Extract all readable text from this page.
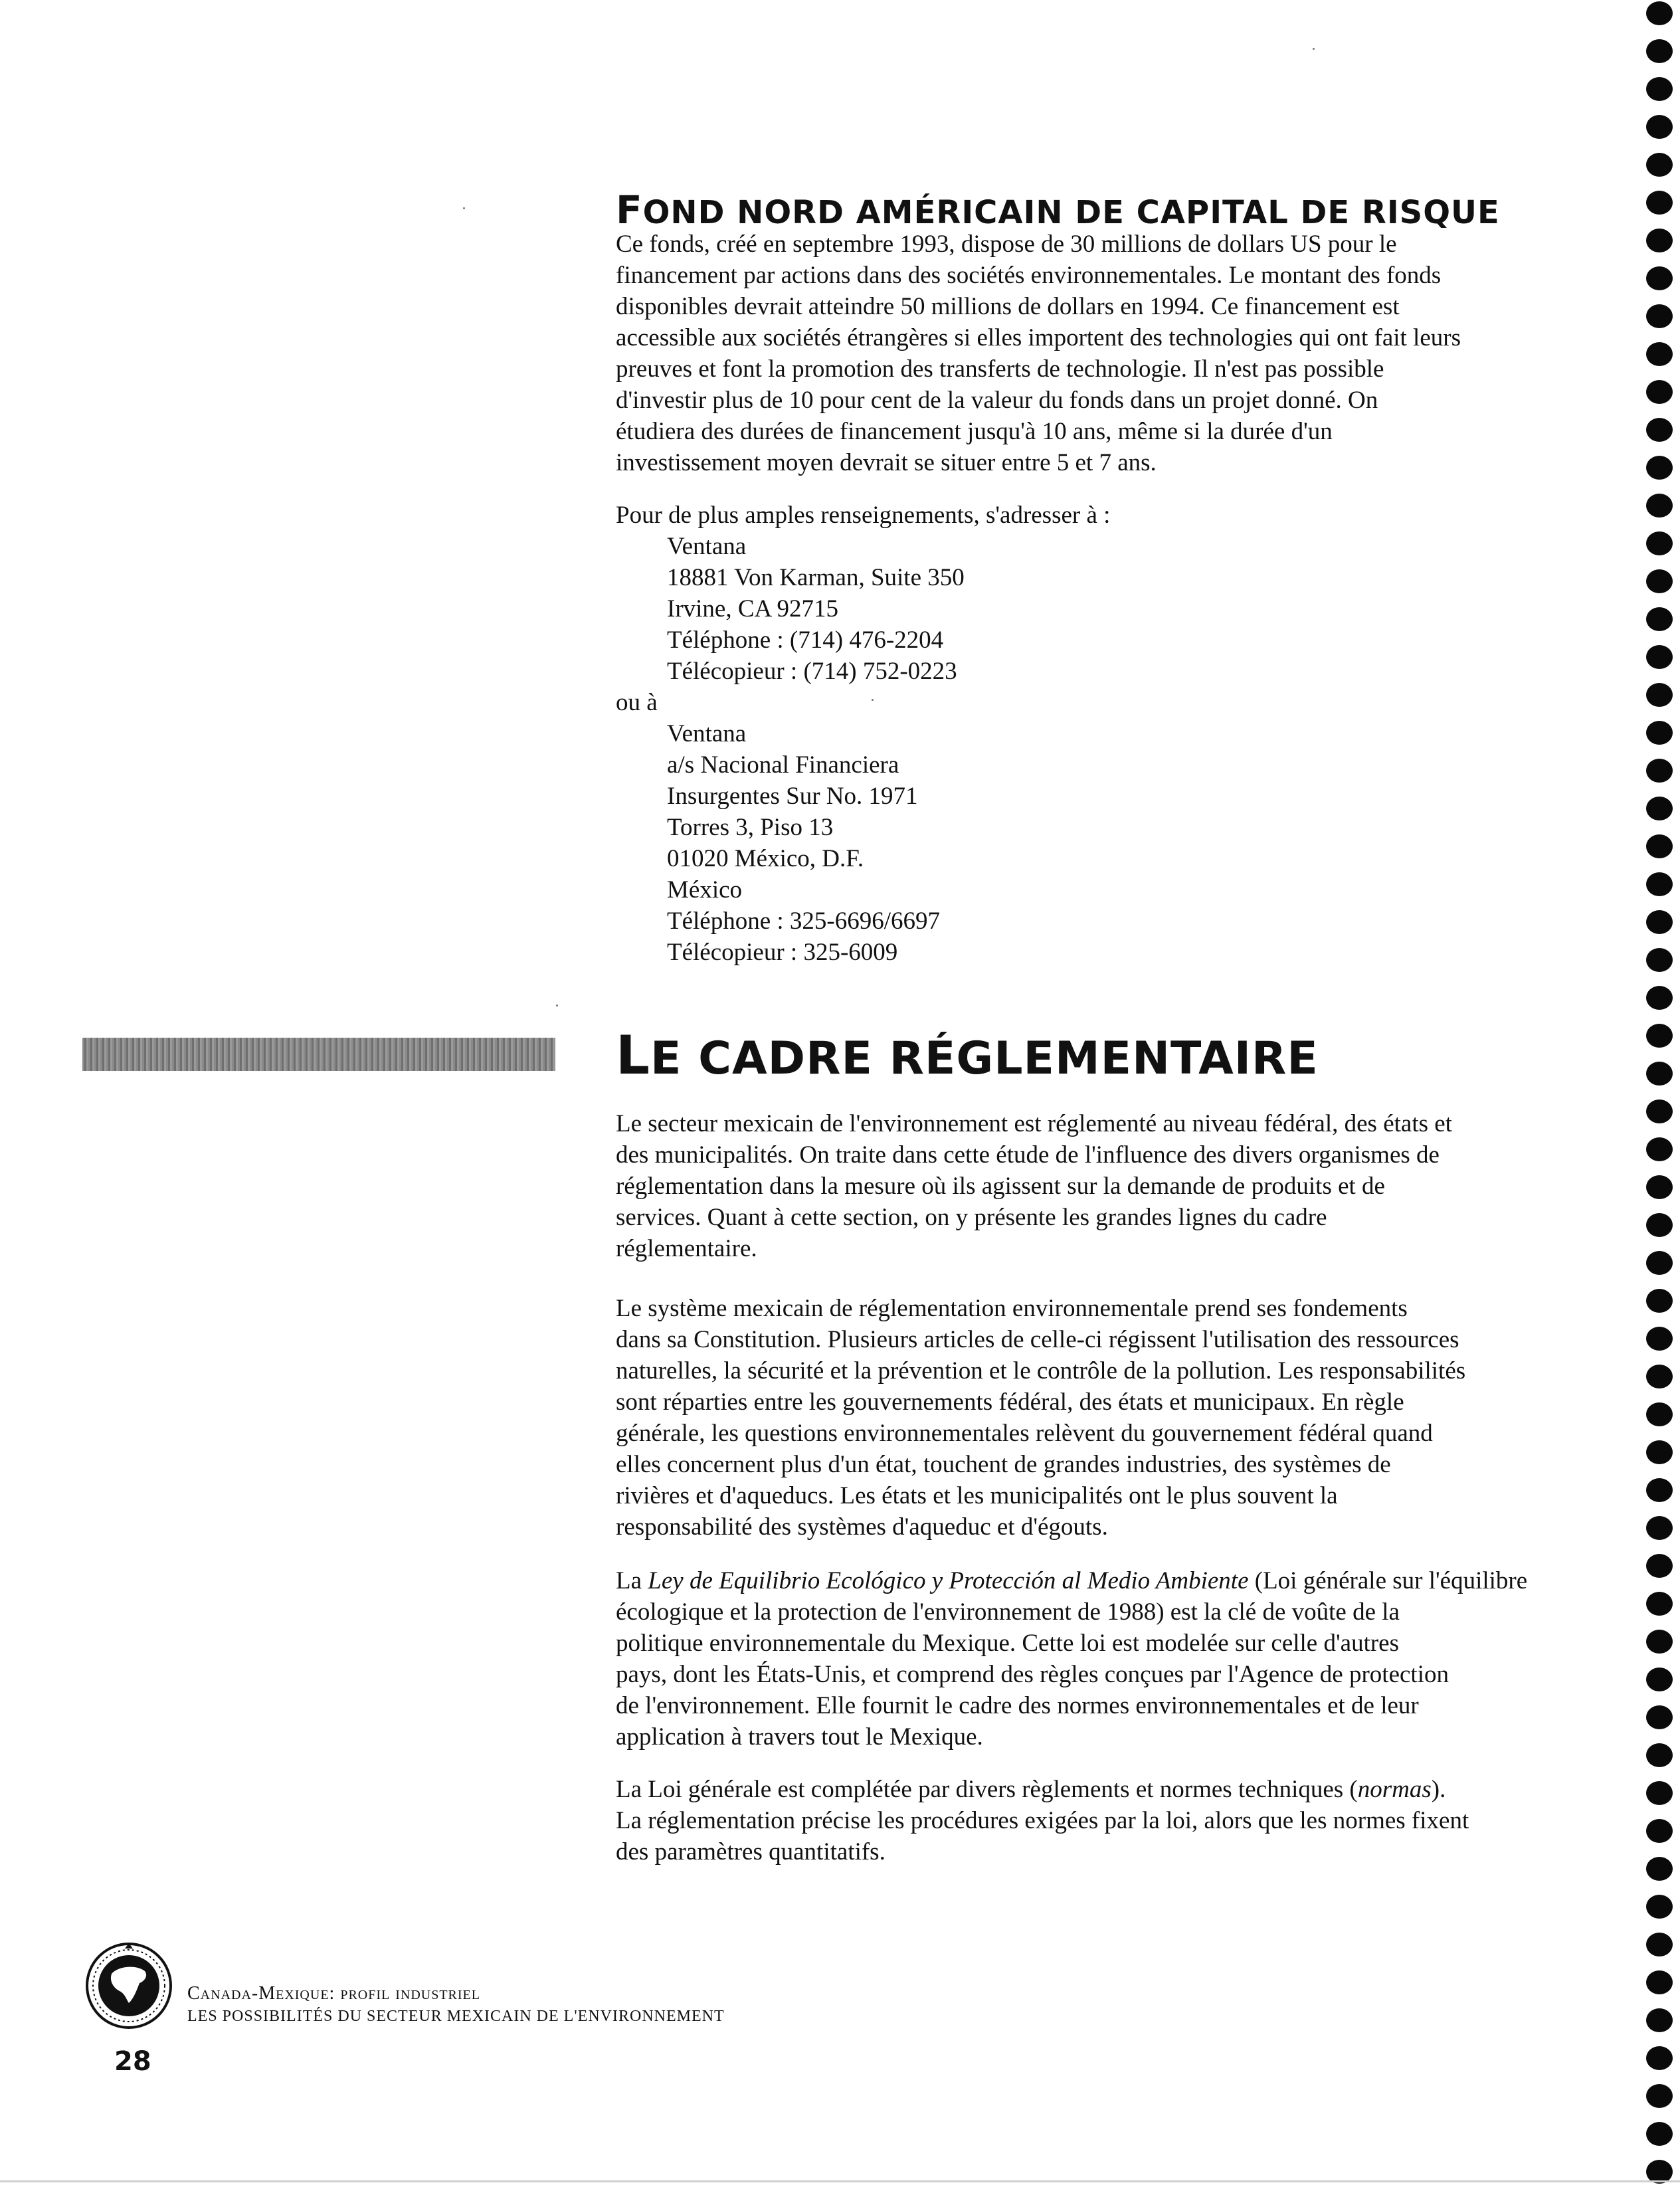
FOND NORD AMÉRICAIN DE CAPITAL DE RISQUE

Ce fonds, créé en septembre 1993, dispose de 30 millions de dollars US pour le
financement par actions dans des sociétés environnementales. Le montant des fonds
disponibles devrait atteindre 50 millions de dollars en 1994. Ce financement est
accessible aux sociétés étrangères si elles importent des technologies qui ont fait leurs
preuves et font la promotion des transferts de technologie. Il n'est pas possible
d'investir plus de 10 pour cent de la valeur du fonds dans un projet donné. On
étudiera des durées de financement jusqu'à 10 ans, même si la durée d'un
investissement moyen devrait se situer entre 5 et 7 ans.

Pour de plus amples renseignements, s'adresser à :

Ventana
18881 Von Karman, Suite 350
Irvine, CA 92715
Téléphone : (714) 476-2204
Télécopieur : (714) 752-0223

ou à

Ventana
a/s Nacional Financiera
Insurgentes Sur No. 1971
Torres 3, Piso 13
01020 México, D.F.
México
Téléphone : 325-6696/6697
Télécopieur : 325-6009

LE CADRE RÉGLEMENTAIRE

Le secteur mexicain de l'environnement est réglementé au niveau fédéral, des états et
des municipalités. On traite dans cette étude de l'influence des divers organismes de
réglementation dans la mesure où ils agissent sur la demande de produits et de
services. Quant à cette section, on y présente les grandes lignes du cadre
réglementaire.

Le système mexicain de réglementation environnementale prend ses fondements
dans sa Constitution. Plusieurs articles de celle-ci régissent l'utilisation des ressources
naturelles, la sécurité et la prévention et le contrôle de la pollution. Les responsabilités
sont réparties entre les gouvernements fédéral, des états et municipaux. En règle
générale, les questions environnementales relèvent du gouvernement fédéral quand
elles concernent plus d'un état, touchent de grandes industries, des systèmes de
rivières et d'aqueducs. Les états et les municipalités ont le plus souvent la
responsabilité des systèmes d'aqueduc et d'égouts.

La Ley de Equilibrio Ecológico y Protección al Medio Ambiente (Loi générale sur l'équilibre
écologique et la protection de l'environnement de 1988) est la clé de voûte de la
politique environnementale du Mexique. Cette loi est modelée sur celle d'autres
pays, dont les États-Unis, et comprend des règles conçues par l'Agence de protection
de l'environnement. Elle fournit le cadre des normes environnementales et de leur
application à travers tout le Mexique.

La Loi générale est complétée par divers règlements et normes techniques (normas).
La réglementation précise les procédures exigées par la loi, alors que les normes fixent
des paramètres quantitatifs.

Canada-Mexique: profil industriel
LES POSSIBILITÉS DU SECTEUR MEXICAIN DE L'ENVIRONNEMENT
28
